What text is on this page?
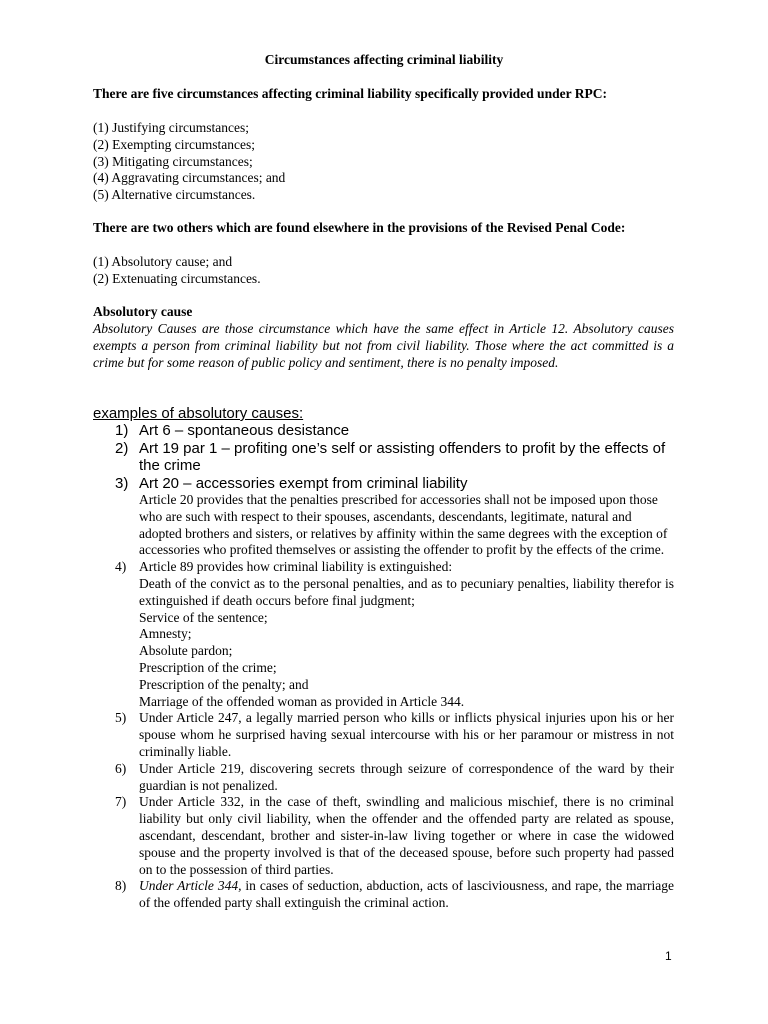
Circumstances affecting criminal liability
There are five circumstances affecting criminal liability specifically provided under RPC:
(1) Justifying circumstances;
(2) Exempting circumstances;
(3) Mitigating circumstances;
(4) Aggravating circumstances; and
(5) Alternative circumstances.
There are two others which are found elsewhere in the provisions of the Revised Penal Code:
(1) Absolutory cause; and
(2) Extenuating circumstances.
Absolutory cause
Absolutory Causes are those circumstance which have the same effect in Article 12. Absolutory causes exempts a person from criminal liability but not from civil liability. Those where the act committed is a crime but for some reason of public policy and sentiment, there is no penalty imposed.
examples of absolutory causes:
1) Art 6 – spontaneous desistance
2) Art 19 par 1 – profiting one’s self or assisting offenders to profit by the effects of the crime
3) Art 20 – accessories exempt from criminal liability
Article 20 provides that the penalties prescribed for accessories shall not be imposed upon those who are such with respect to their spouses, ascendants, descendants, legitimate, natural and adopted brothers and sisters, or relatives by affinity within the same degrees with the exception of accessories who profited themselves or assisting the offender to profit by the effects of the crime.
4) Article 89 provides how criminal liability is extinguished:
Death of the convict as to the personal penalties, and as to pecuniary penalties, liability therefor is extinguished if death occurs before final judgment;
Service of the sentence;
Amnesty;
Absolute pardon;
Prescription of the crime;
Prescription of the penalty; and
Marriage of the offended woman as provided in Article 344.
5) Under Article 247, a legally married person who kills or inflicts physical injuries upon his or her spouse whom he surprised having sexual intercourse with his or her paramour or mistress in not criminally liable.
6) Under Article 219, discovering secrets through seizure of correspondence of the ward by their guardian is not penalized.
7) Under Article 332, in the case of theft, swindling and malicious mischief, there is no criminal liability but only civil liability, when the offender and the offended party are related as spouse, ascendant, descendant, brother and sister-in-law living together or where in case the widowed spouse and the property involved is that of the deceased spouse, before such property had passed on to the possession of third parties.
8) Under Article 344, in cases of seduction, abduction, acts of lasciviousness, and rape, the marriage of the offended party shall extinguish the criminal action.
1
